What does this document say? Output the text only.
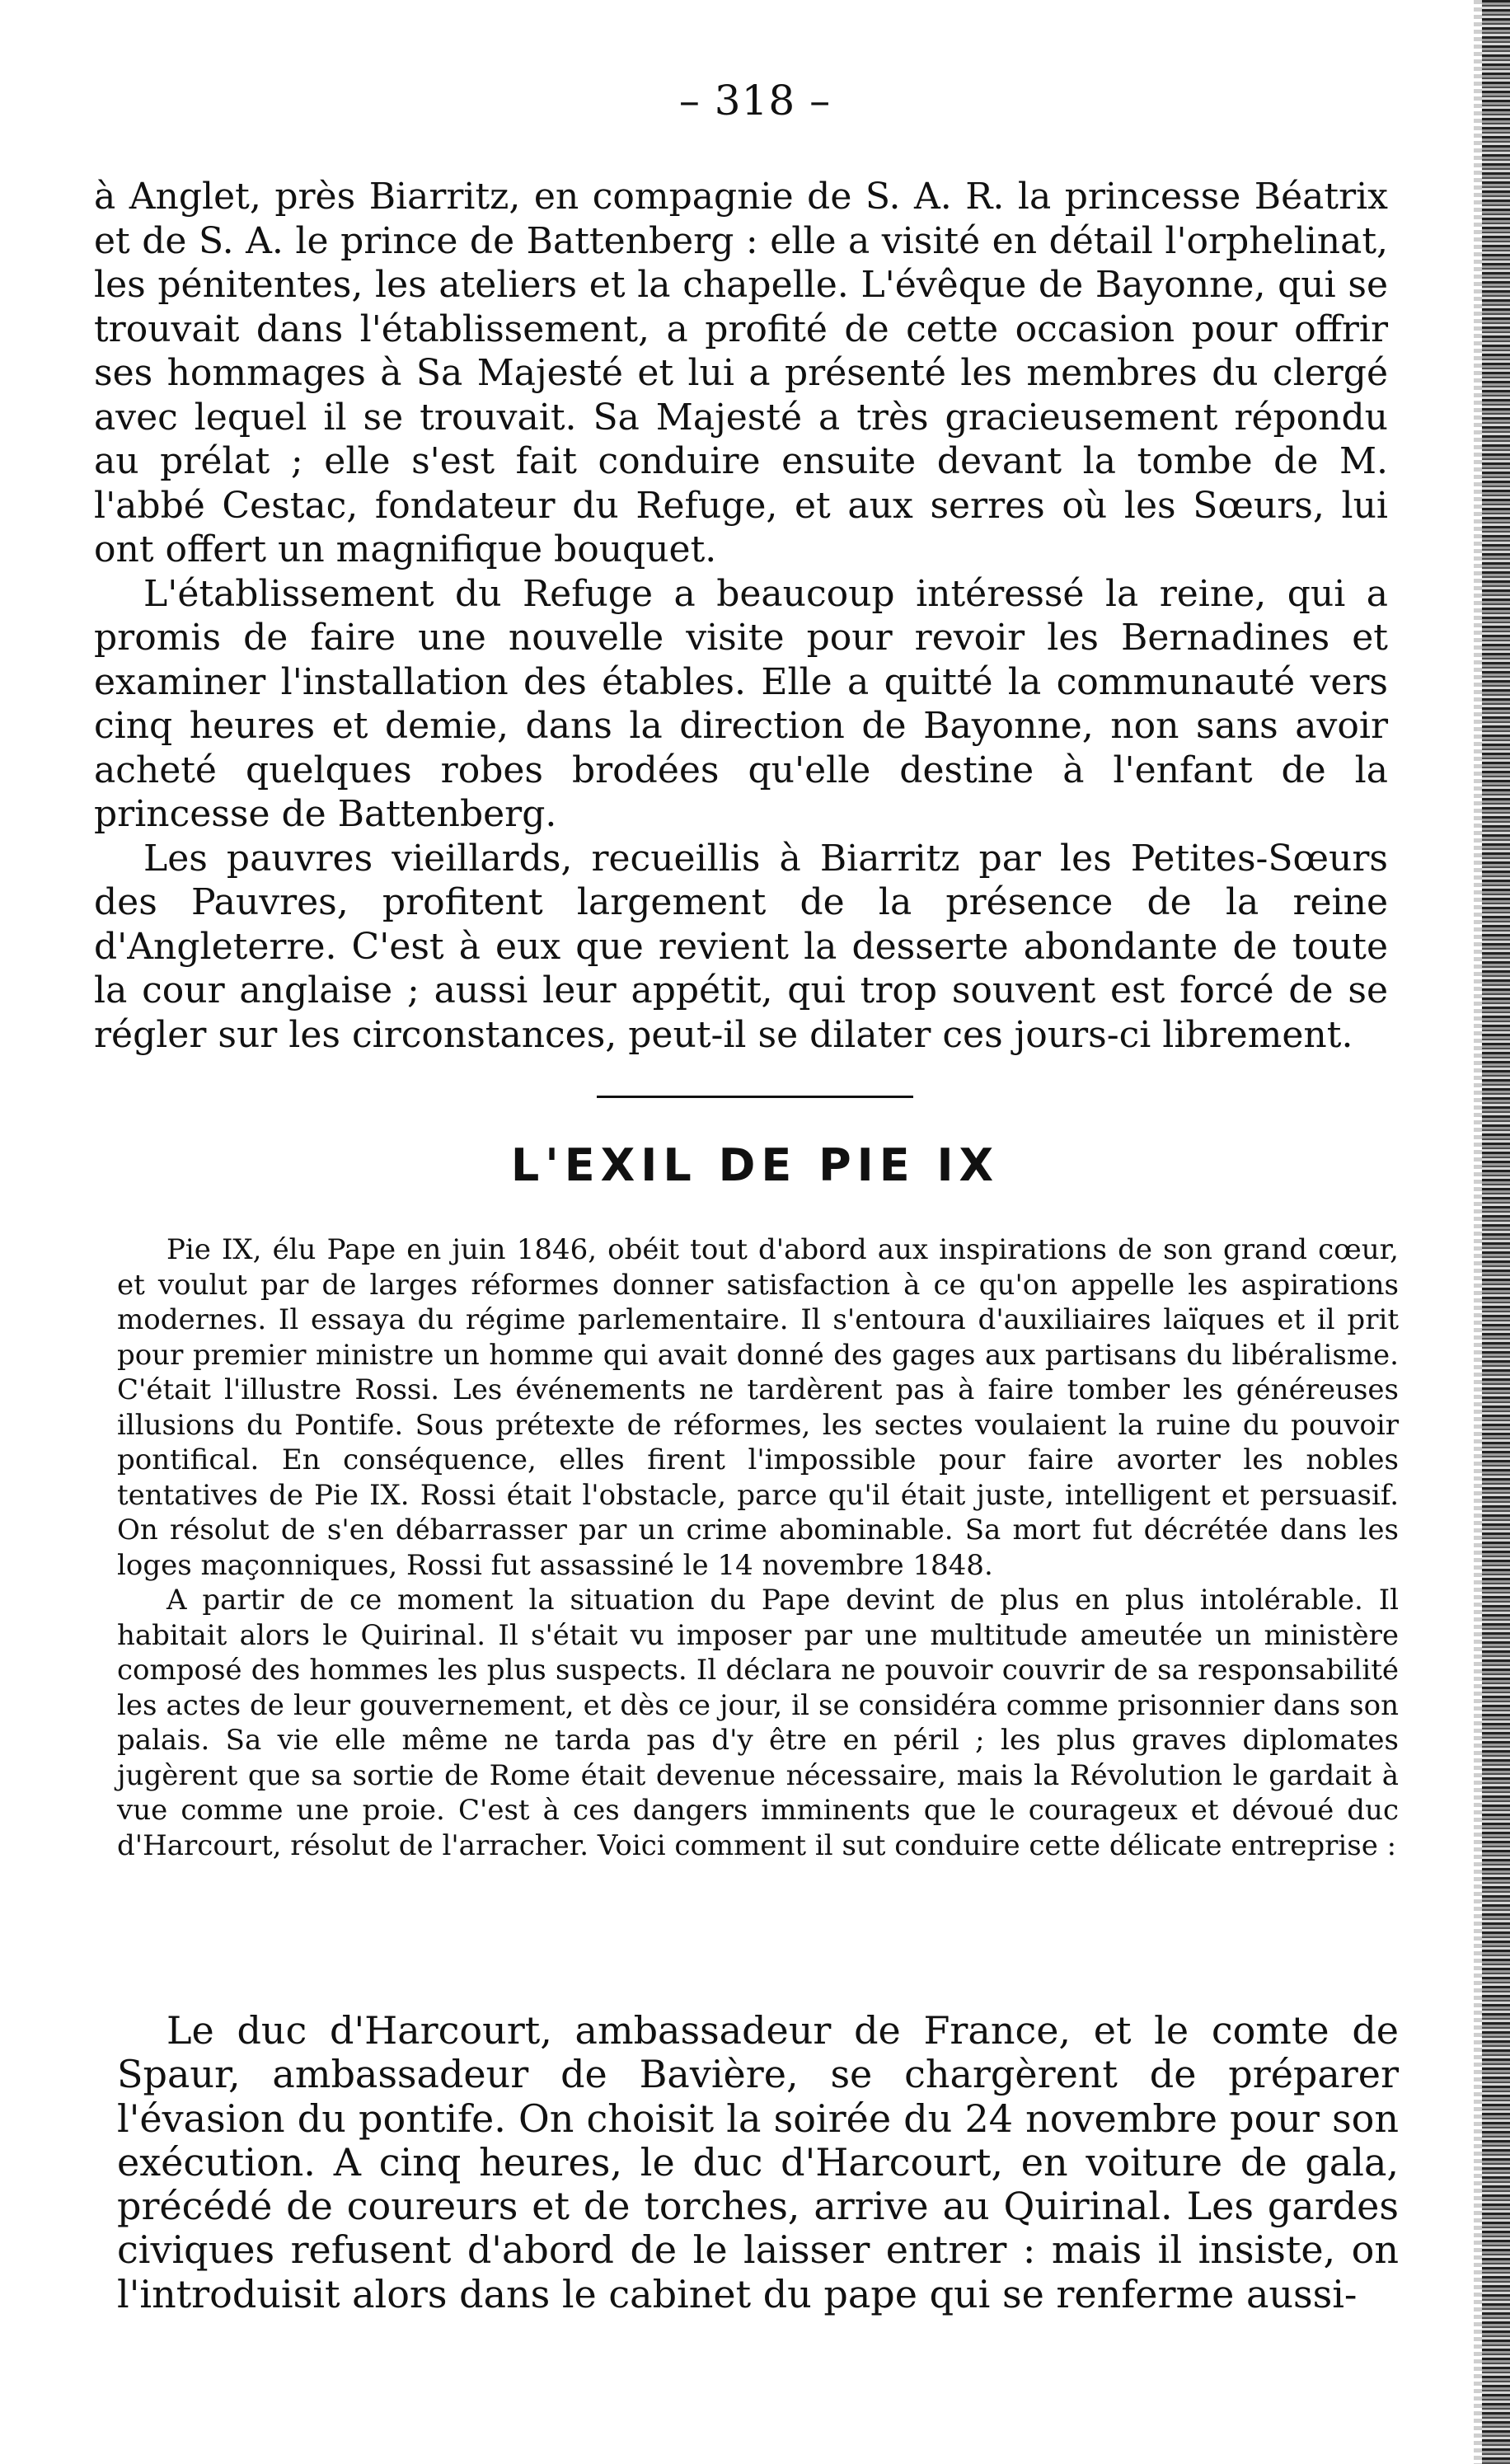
– 318 –

à Anglet, près Biarritz, en compagnie de S. A. R. la princesse Béatrix et de S. A. le prince de Battenberg : elle a visité en détail l'orphelinat, les pénitentes, les ateliers et la chapelle. L'évêque de Bayonne, qui se trouvait dans l'établissement, a profité de cette occasion pour offrir ses hommages à Sa Majesté et lui a présenté les membres du clergé avec lequel il se trouvait. Sa Majesté a très gracieusement répondu au prélat ; elle s'est fait conduire ensuite devant la tombe de M. l'abbé Cestac, fondateur du Refuge, et aux serres où les Sœurs, lui ont offert un magnifique bouquet.

L'établissement du Refuge a beaucoup intéressé la reine, qui a promis de faire une nouvelle visite pour revoir les Bernadines et examiner l'installation des étables. Elle a quitté la communauté vers cinq heures et demie, dans la direction de Bayonne, non sans avoir acheté quelques robes brodées qu'elle destine à l'enfant de la princesse de Battenberg.

Les pauvres vieillards, recueillis à Biarritz par les Petites-Sœurs des Pauvres, profitent largement de la présence de la reine d'Angleterre. C'est à eux que revient la desserte abondante de toute la cour anglaise ; aussi leur appétit, qui trop souvent est forcé de se régler sur les circonstances, peut-il se dilater ces jours-ci librement.

L'EXIL DE PIE IX

Pie IX, élu Pape en juin 1846, obéit tout d'abord aux inspirations de son grand cœur, et voulut par de larges réformes donner satisfaction à ce qu'on appelle les aspirations modernes. Il essaya du régime parlementaire. Il s'entoura d'auxiliaires laïques et il prit pour premier ministre un homme qui avait donné des gages aux partisans du libéralisme. C'était l'illustre Rossi. Les événements ne tardèrent pas à faire tomber les généreuses illusions du Pontife. Sous prétexte de réformes, les sectes voulaient la ruine du pouvoir pontifical. En conséquence, elles firent l'impossible pour faire avorter les nobles tentatives de Pie IX. Rossi était l'obstacle, parce qu'il était juste, intelligent et persuasif. On résolut de s'en débarrasser par un crime abominable. Sa mort fut décrétée dans les loges maçonniques, Rossi fut assassiné le 14 novembre 1848.

A partir de ce moment la situation du Pape devint de plus en plus intolérable. Il habitait alors le Quirinal. Il s'était vu imposer par une multitude ameutée un ministère composé des hommes les plus suspects. Il déclara ne pouvoir couvrir de sa responsabilité les actes de leur gouvernement, et dès ce jour, il se considéra comme prisonnier dans son palais. Sa vie elle même ne tarda pas d'y être en péril ; les plus graves diplomates jugèrent que sa sortie de Rome était devenue nécessaire, mais la Révolution le gardait à vue comme une proie. C'est à ces dangers imminents que le courageux et dévoué duc d'Harcourt, résolut de l'arracher. Voici comment il sut conduire cette délicate entreprise :

Le duc d'Harcourt, ambassadeur de France, et le comte de Spaur, ambassadeur de Bavière, se chargèrent de préparer l'évasion du pontife. On choisit la soirée du 24 novembre pour son exécution. A cinq heures, le duc d'Harcourt, en voiture de gala, précédé de coureurs et de torches, arrive au Quirinal. Les gardes civiques refusent d'abord de le laisser entrer : mais il insiste, on l'introduisit alors dans le cabinet du pape qui se renferme aussi-
